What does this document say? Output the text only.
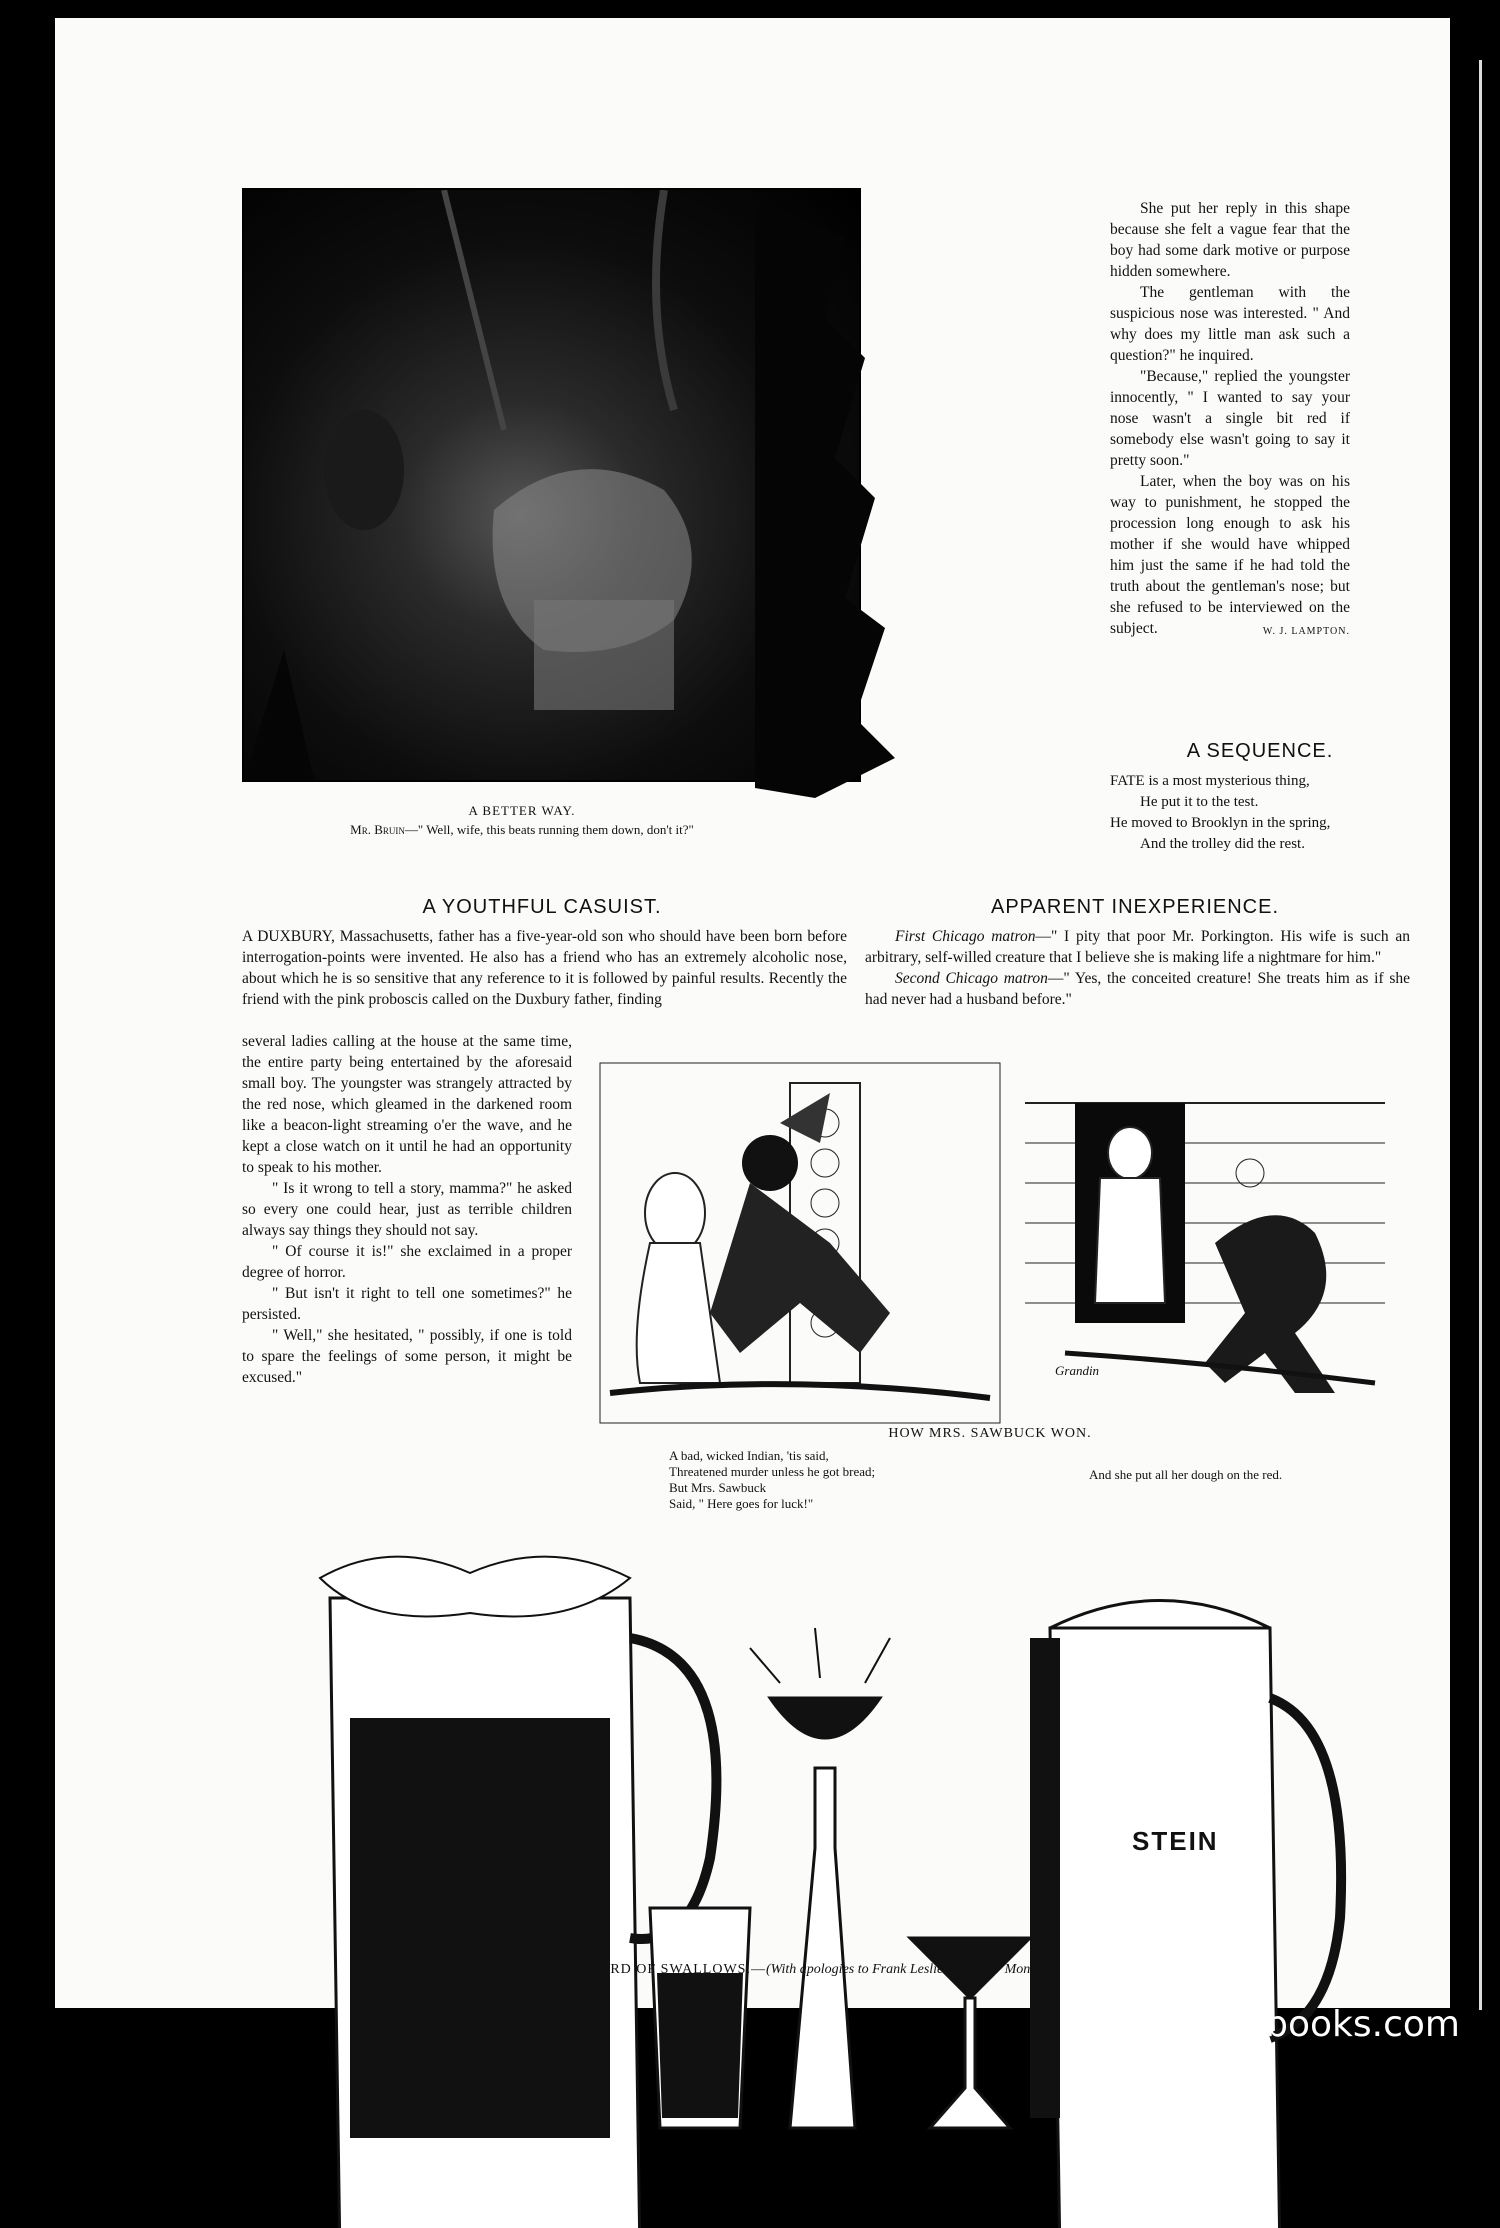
A BETTER WAY.
Mr. Bruin—" Well, wife, this beats running them down, don't it?"

She put her reply in this shape because she felt a vague fear that the boy had some dark motive or purpose hidden somewhere.

The gentleman with the suspicious nose was interested. " And why does my little man ask such a question?" he inquired.

"Because," replied the youngster innocently, " I wanted to say your nose wasn't a single bit red if somebody else wasn't going to say it pretty soon."

Later, when the boy was on his way to punishment, he stopped the procession long enough to ask his mother if she would have whipped him just the same if he had told the truth about the gentleman's nose; but she refused to be interviewed on the subject.	W. J. LAMPTON.
A SEQUENCE.
FATE is a most mysterious thing,
He put it to the test.
He moved to Brooklyn in the spring,
And the trolley did the rest.
A YOUTHFUL CASUIST.

A DUXBURY, Massachusetts, father has a five-year-old son who should have been born before interrogation-points were invented. He also has a friend who has an extremely alcoholic nose, about which he is so sensitive that any reference to it is followed by painful results. Recently the friend with the pink proboscis called on the Duxbury father, finding

several ladies calling at the house at the same time, the entire party being entertained by the aforesaid small boy. The youngster was strangely attracted by the red nose, which gleamed in the darkened room like a beacon-light streaming o'er the wave, and he kept a close watch on it until he had an opportunity to speak to his mother.

" Is it wrong to tell a story, mamma?" he asked so every one could hear, just as terrible children always say things they should not say.

" Of course it is!" she exclaimed in a proper degree of horror.

" But isn't it right to tell one sometimes?" he persisted.

" Well," she hesitated, " possibly, if one is told to spare the feelings of some person, it might be excused."

APPARENT INEXPERIENCE.

First Chicago matron—" I pity that poor Mr. Porkington. His wife is such an arbitrary, self-willed creature that I believe she is making life a nightmare for him."

Second Chicago matron—" Yes, the conceited creature! She treats him as if she had never had a husband before."

Grandin
HOW MRS. SAWBUCK WON.
A bad, wicked Indian, 'tis said,
Threatened murder unless he got bread;
But Mrs. Sawbuck
Said, " Here goes for luck!"
And she put all her dough on the red.
STEIN
A YARD OF SWALLOWS.—(With apologies to Frank Leslie's Popular Monthly.)
comicbooks.com
